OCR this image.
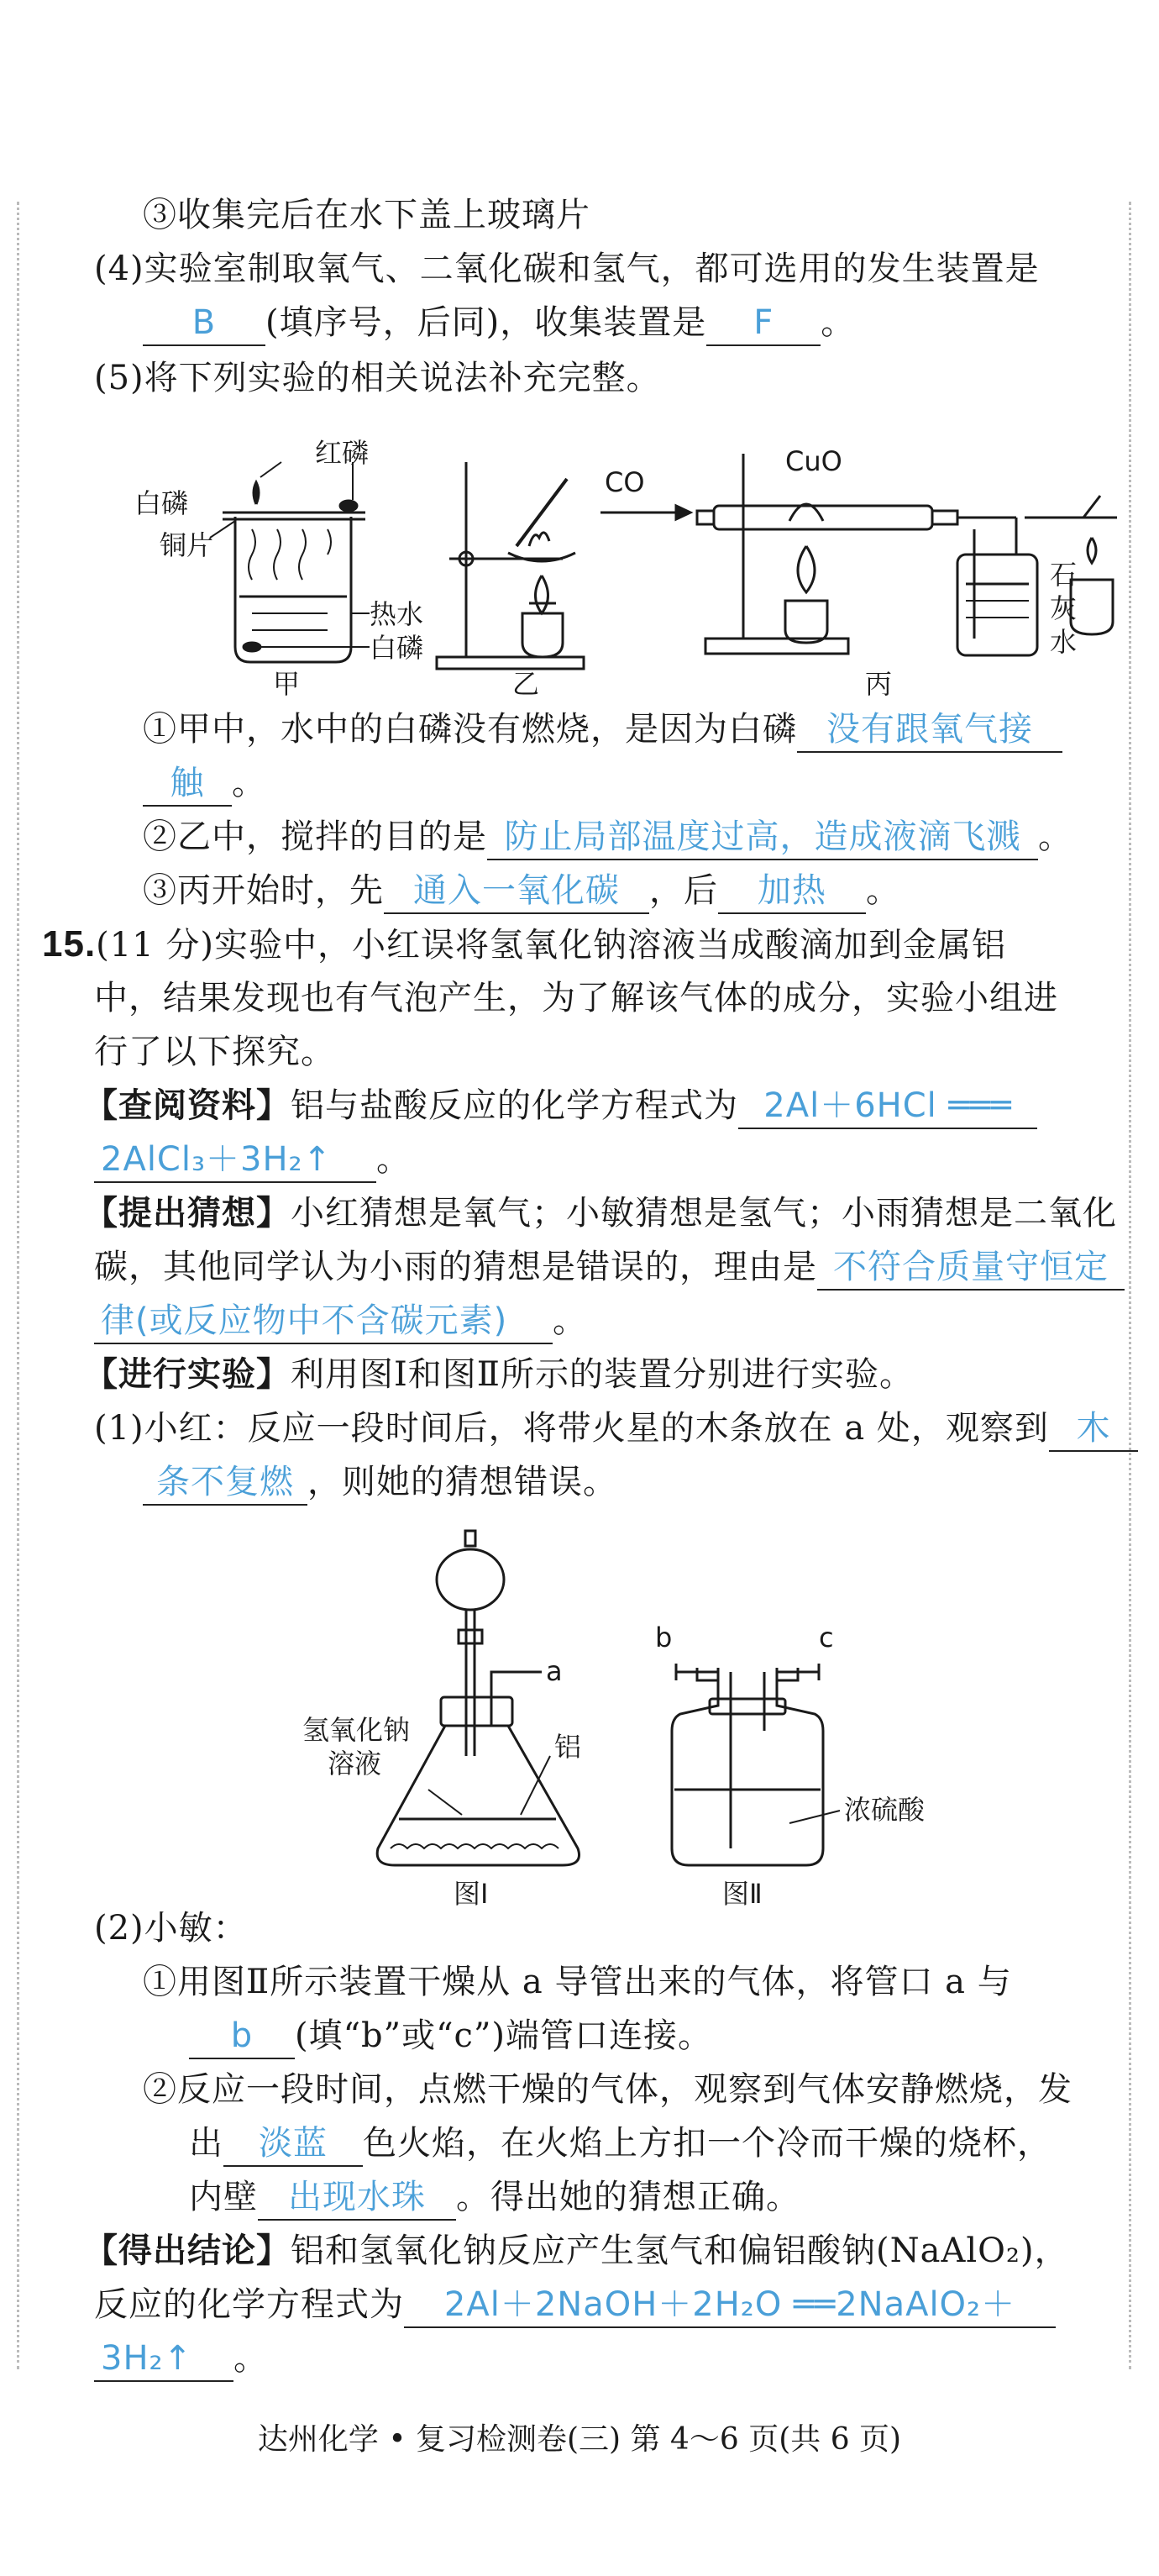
③收集完后在水下盖上玻璃片
(4)实验室制取氧气、二氧化碳和氢气，都可选用的发生装置是
B (填序号，后同)，收集装置是 F 。
(5)将下列实验的相关说法补充完整。
白磷
红磷
铜片
热水
白磷
甲	乙
CO
CuO
石
灰
水
丙
①甲中，水中的白磷没有燃烧，是因为白磷 没有跟氧气接
触 。
②乙中，搅拌的目的是 防止局部温度过高，造成液滴飞溅 。
③丙开始时，先 通入一氧化碳 ，后 加热 。
15.(11 分)实验中，小红误将氢氧化钠溶液当成酸滴加到金属铝
中，结果发现也有气泡产生，为了解该气体的成分，实验小组进
行了以下探究。
【查阅资料】铝与盐酸反应的化学方程式为 2Al＋6HCl ═══
2AlCl₃＋3H₂↑ 。
【提出猜想】小红猜想是氧气；小敏猜想是氢气；小雨猜想是二氧化
碳，其他同学认为小雨的猜想是错误的，理由是 不符合质量守恒定
律(或反应物中不含碳元素) 。
【进行实验】利用图Ⅰ和图Ⅱ所示的装置分别进行实验。
(1)小红：反应一段时间后，将带火星的木条放在 a 处，观察到 木
条不复燃 ，则她的猜想错误。
a
氢氧化钠
溶液
铝
图Ⅰ
b	c
浓硫酸
图Ⅱ
(2)小敏：
①用图Ⅱ所示装置干燥从 a 导管出来的气体，将管口 a 与
b (填“b”或“c”)端管口连接。
②反应一段时间，点燃干燥的气体，观察到气体安静燃烧，发
出 淡蓝 色火焰，在火焰上方扣一个冷而干燥的烧杯，
内壁 出现水珠 。得出她的猜想正确。
【得出结论】铝和氢氧化钠反应产生氢气和偏铝酸钠(NaAlO₂)，
反应的化学方程式为 2Al＋2NaOH＋2H₂O ══2NaAlO₂＋
3H₂↑ 。
达州化学 • 复习检测卷(三) 第 4～6 页(共 6 页)
